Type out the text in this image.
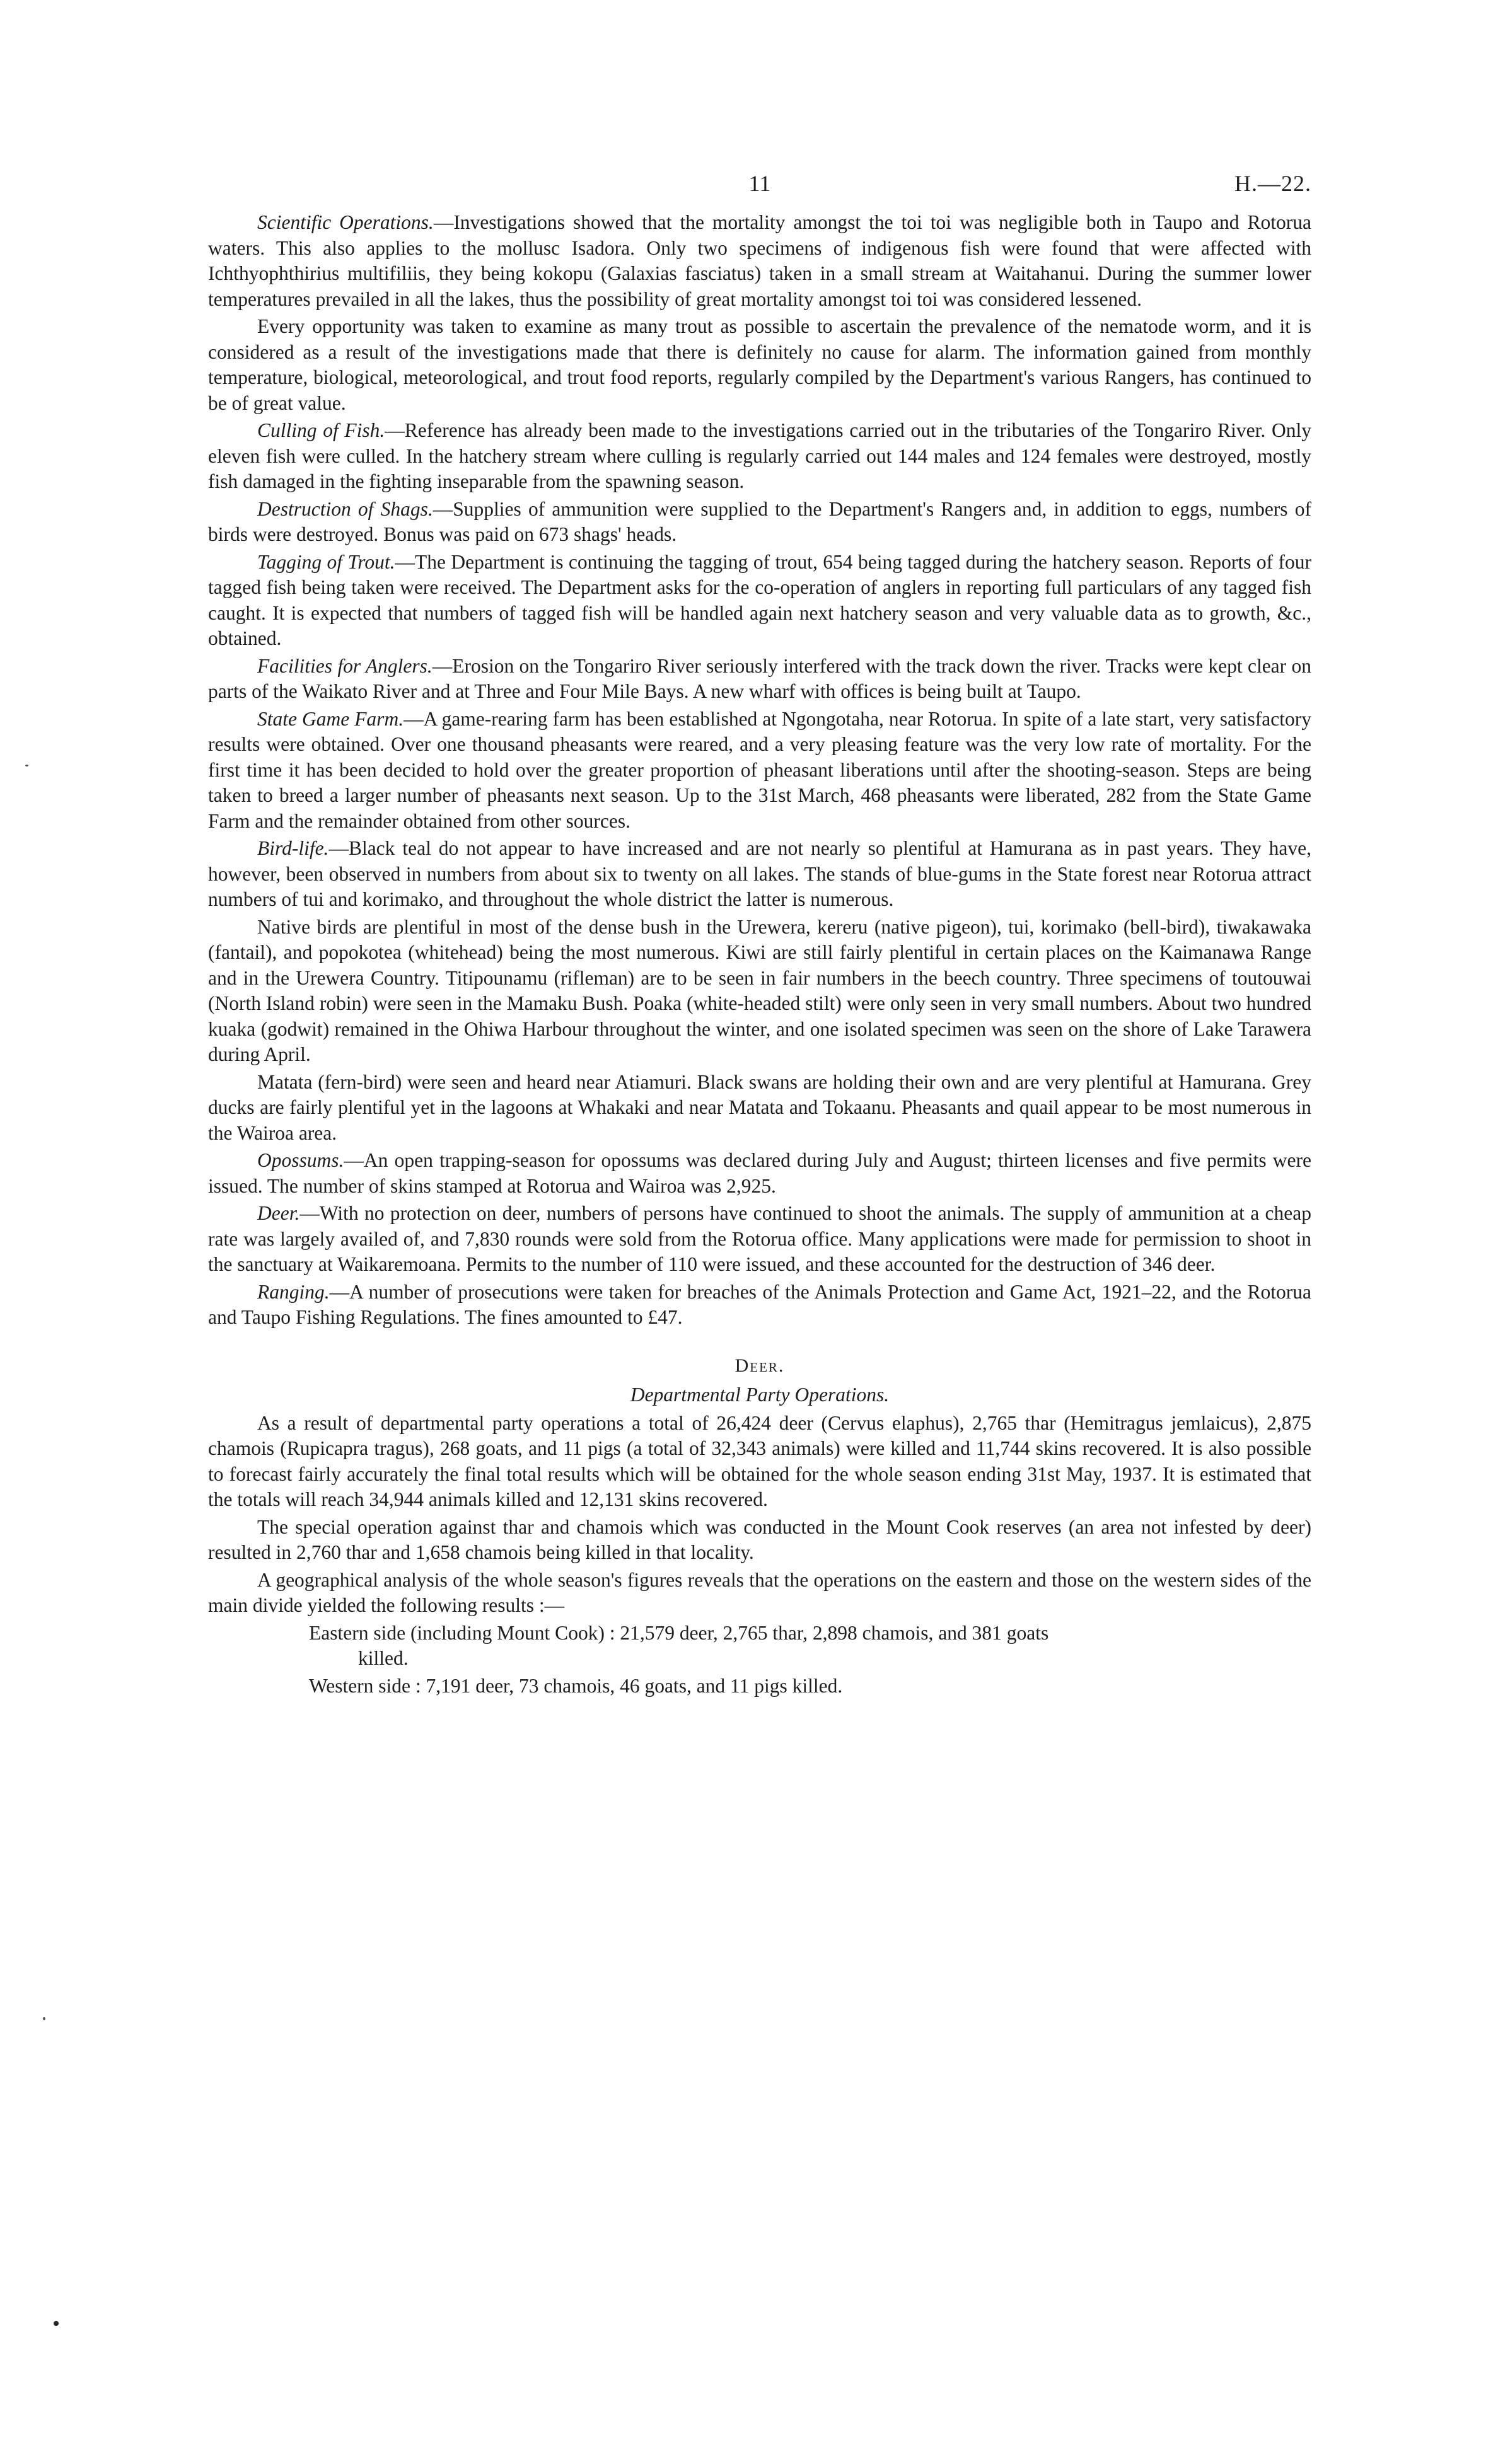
11	H.—22.

Scientific Operations.—Investigations showed that the mortality amongst the toi toi was negligible both in Taupo and Rotorua waters. This also applies to the mollusc Isadora. Only two specimens of indigenous fish were found that were affected with Ichthyophthirius multifiliis, they being kokopu (Galaxias fasciatus) taken in a small stream at Waitahanui. During the summer lower temperatures prevailed in all the lakes, thus the possibility of great mortality amongst toi toi was considered lessened.

Every opportunity was taken to examine as many trout as possible to ascertain the prevalence of the nematode worm, and it is considered as a result of the investigations made that there is definitely no cause for alarm. The information gained from monthly temperature, biological, meteorological, and trout food reports, regularly compiled by the Department's various Rangers, has continued to be of great value.

Culling of Fish.—Reference has already been made to the investigations carried out in the tributaries of the Tongariro River. Only eleven fish were culled. In the hatchery stream where culling is regularly carried out 144 males and 124 females were destroyed, mostly fish damaged in the fighting inseparable from the spawning season.

Destruction of Shags.—Supplies of ammunition were supplied to the Department's Rangers and, in addition to eggs, numbers of birds were destroyed. Bonus was paid on 673 shags' heads.

Tagging of Trout.—The Department is continuing the tagging of trout, 654 being tagged during the hatchery season. Reports of four tagged fish being taken were received. The Department asks for the co-operation of anglers in reporting full particulars of any tagged fish caught. It is expected that numbers of tagged fish will be handled again next hatchery season and very valuable data as to growth, &c., obtained.

Facilities for Anglers.—Erosion on the Tongariro River seriously interfered with the track down the river. Tracks were kept clear on parts of the Waikato River and at Three and Four Mile Bays. A new wharf with offices is being built at Taupo.

State Game Farm.—A game-rearing farm has been established at Ngongotaha, near Rotorua. In spite of a late start, very satisfactory results were obtained. Over one thousand pheasants were reared, and a very pleasing feature was the very low rate of mortality. For the first time it has been decided to hold over the greater proportion of pheasant liberations until after the shooting-season. Steps are being taken to breed a larger number of pheasants next season. Up to the 31st March, 468 pheasants were liberated, 282 from the State Game Farm and the remainder obtained from other sources.

Bird-life.—Black teal do not appear to have increased and are not nearly so plentiful at Hamurana as in past years. They have, however, been observed in numbers from about six to twenty on all lakes. The stands of blue-gums in the State forest near Rotorua attract numbers of tui and korimako, and throughout the whole district the latter is numerous.

Native birds are plentiful in most of the dense bush in the Urewera, kereru (native pigeon), tui, korimako (bell-bird), tiwakawaka (fantail), and popokotea (whitehead) being the most numerous. Kiwi are still fairly plentiful in certain places on the Kaimanawa Range and in the Urewera Country. Titipounamu (rifleman) are to be seen in fair numbers in the beech country. Three specimens of toutouwai (North Island robin) were seen in the Mamaku Bush. Poaka (white-headed stilt) were only seen in very small numbers. About two hundred kuaka (godwit) remained in the Ohiwa Harbour throughout the winter, and one isolated specimen was seen on the shore of Lake Tarawera during April.

Matata (fern-bird) were seen and heard near Atiamuri. Black swans are holding their own and are very plentiful at Hamurana. Grey ducks are fairly plentiful yet in the lagoons at Whakaki and near Matata and Tokaanu. Pheasants and quail appear to be most numerous in the Wairoa area.

Opossums.—An open trapping-season for opossums was declared during July and August; thirteen licenses and five permits were issued. The number of skins stamped at Rotorua and Wairoa was 2,925.

Deer.—With no protection on deer, numbers of persons have continued to shoot the animals. The supply of ammunition at a cheap rate was largely availed of, and 7,830 rounds were sold from the Rotorua office. Many applications were made for permission to shoot in the sanctuary at Waikaremoana. Permits to the number of 110 were issued, and these accounted for the destruction of 346 deer.

Ranging.—A number of prosecutions were taken for breaches of the Animals Protection and Game Act, 1921–22, and the Rotorua and Taupo Fishing Regulations. The fines amounted to £47.

Deer.
Departmental Party Operations.

As a result of departmental party operations a total of 26,424 deer (Cervus elaphus), 2,765 thar (Hemitragus jemlaicus), 2,875 chamois (Rupicapra tragus), 268 goats, and 11 pigs (a total of 32,343 animals) were killed and 11,744 skins recovered. It is also possible to forecast fairly accurately the final total results which will be obtained for the whole season ending 31st May, 1937. It is estimated that the totals will reach 34,944 animals killed and 12,131 skins recovered.

The special operation against thar and chamois which was conducted in the Mount Cook reserves (an area not infested by deer) resulted in 2,760 thar and 1,658 chamois being killed in that locality.

A geographical analysis of the whole season's figures reveals that the operations on the eastern and those on the western sides of the main divide yielded the following results :—

Eastern side (including Mount Cook) : 21,579 deer, 2,765 thar, 2,898 chamois, and 381 goats
killed.

Western side : 7,191 deer, 73 chamois, 46 goats, and 11 pigs killed.
